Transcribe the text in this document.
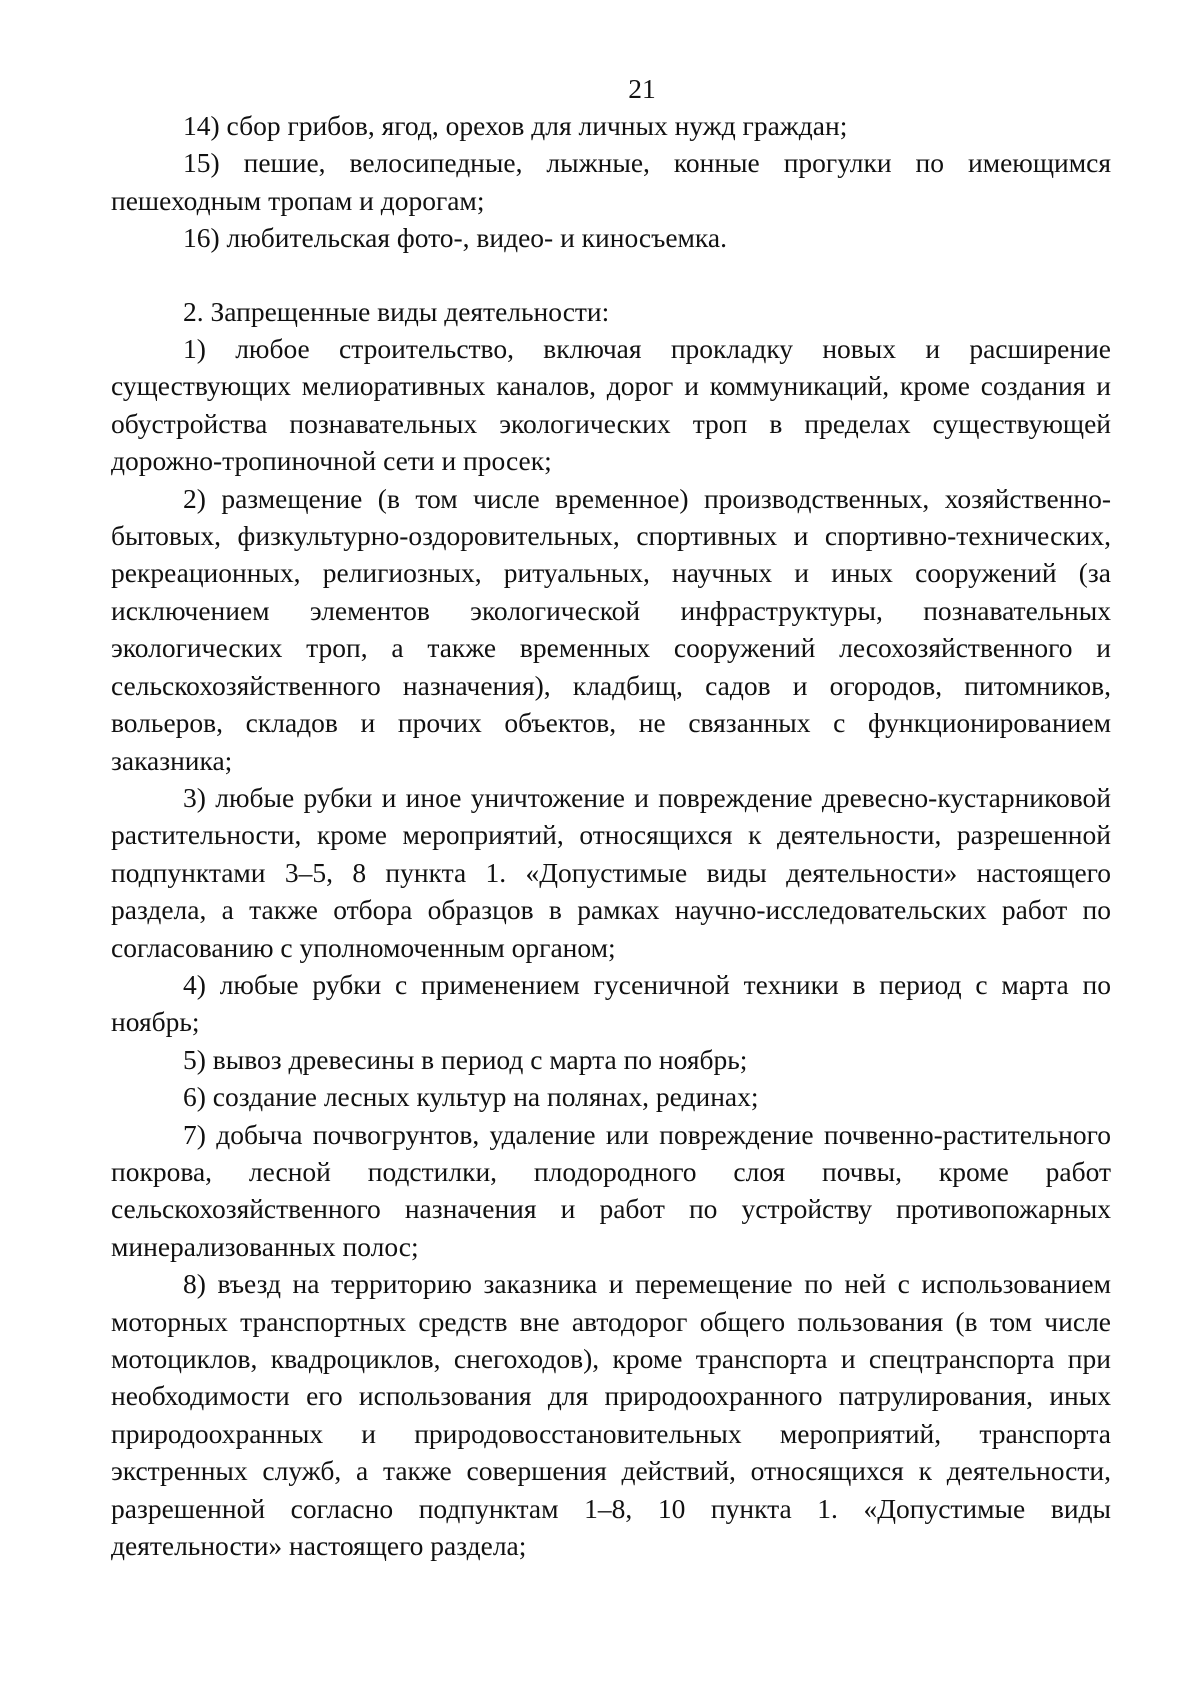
21

14) сбор грибов, ягод, орехов для личных нужд граждан;

15) пешие, велосипедные, лыжные, конные прогулки по имеющимся пешеходным тропам и дорогам;

16) любительская фото-, видео- и киносъемка.

2. Запрещенные виды деятельности:

1) любое строительство, включая прокладку новых и расширение существующих мелиоративных каналов, дорог и коммуникаций, кроме создания и обустройства познавательных экологических троп в пределах существующей дорожно-тропиночной сети и просек;

2) размещение (в том числе временное) производственных, хозяйственно-бытовых, физкультурно-оздоровительных, спортивных и спортивно-технических, рекреационных, религиозных, ритуальных, научных и иных сооружений (за исключением элементов экологической инфраструктуры, познавательных экологических троп, а также временных сооружений лесохозяйственного и сельскохозяйственного назначения), кладбищ, садов и огородов, питомников, вольеров, складов и прочих объектов, не связанных с функционированием заказника;

3) любые рубки и иное уничтожение и повреждение древесно-кустарниковой растительности, кроме мероприятий, относящихся к деятельности, разрешенной подпунктами 3–5, 8 пункта 1. «Допустимые виды деятельности» настоящего раздела, а также отбора образцов в рамках научно-исследовательских работ по согласованию с уполномоченным органом;

4) любые рубки с применением гусеничной техники в период с марта по ноябрь;

5) вывоз древесины в период с марта по ноябрь;

6) создание лесных культур на полянах, рединах;

7) добыча почвогрунтов, удаление или повреждение почвенно-растительного покрова, лесной подстилки, плодородного слоя почвы, кроме работ сельскохозяйственного назначения и работ по устройству противопожарных минерализованных полос;

8) въезд на территорию заказника и перемещение по ней с использованием моторных транспортных средств вне автодорог общего пользования (в том числе мотоциклов, квадроциклов, снегоходов), кроме транспорта и спецтранспорта при необходимости его использования для природоохранного патрулирования, иных природоохранных и природовосстановительных мероприятий, транспорта экстренных служб, а также совершения действий, относящихся к деятельности, разрешенной согласно подпунктам 1–8, 10 пункта 1. «Допустимые виды деятельности» настоящего раздела;
